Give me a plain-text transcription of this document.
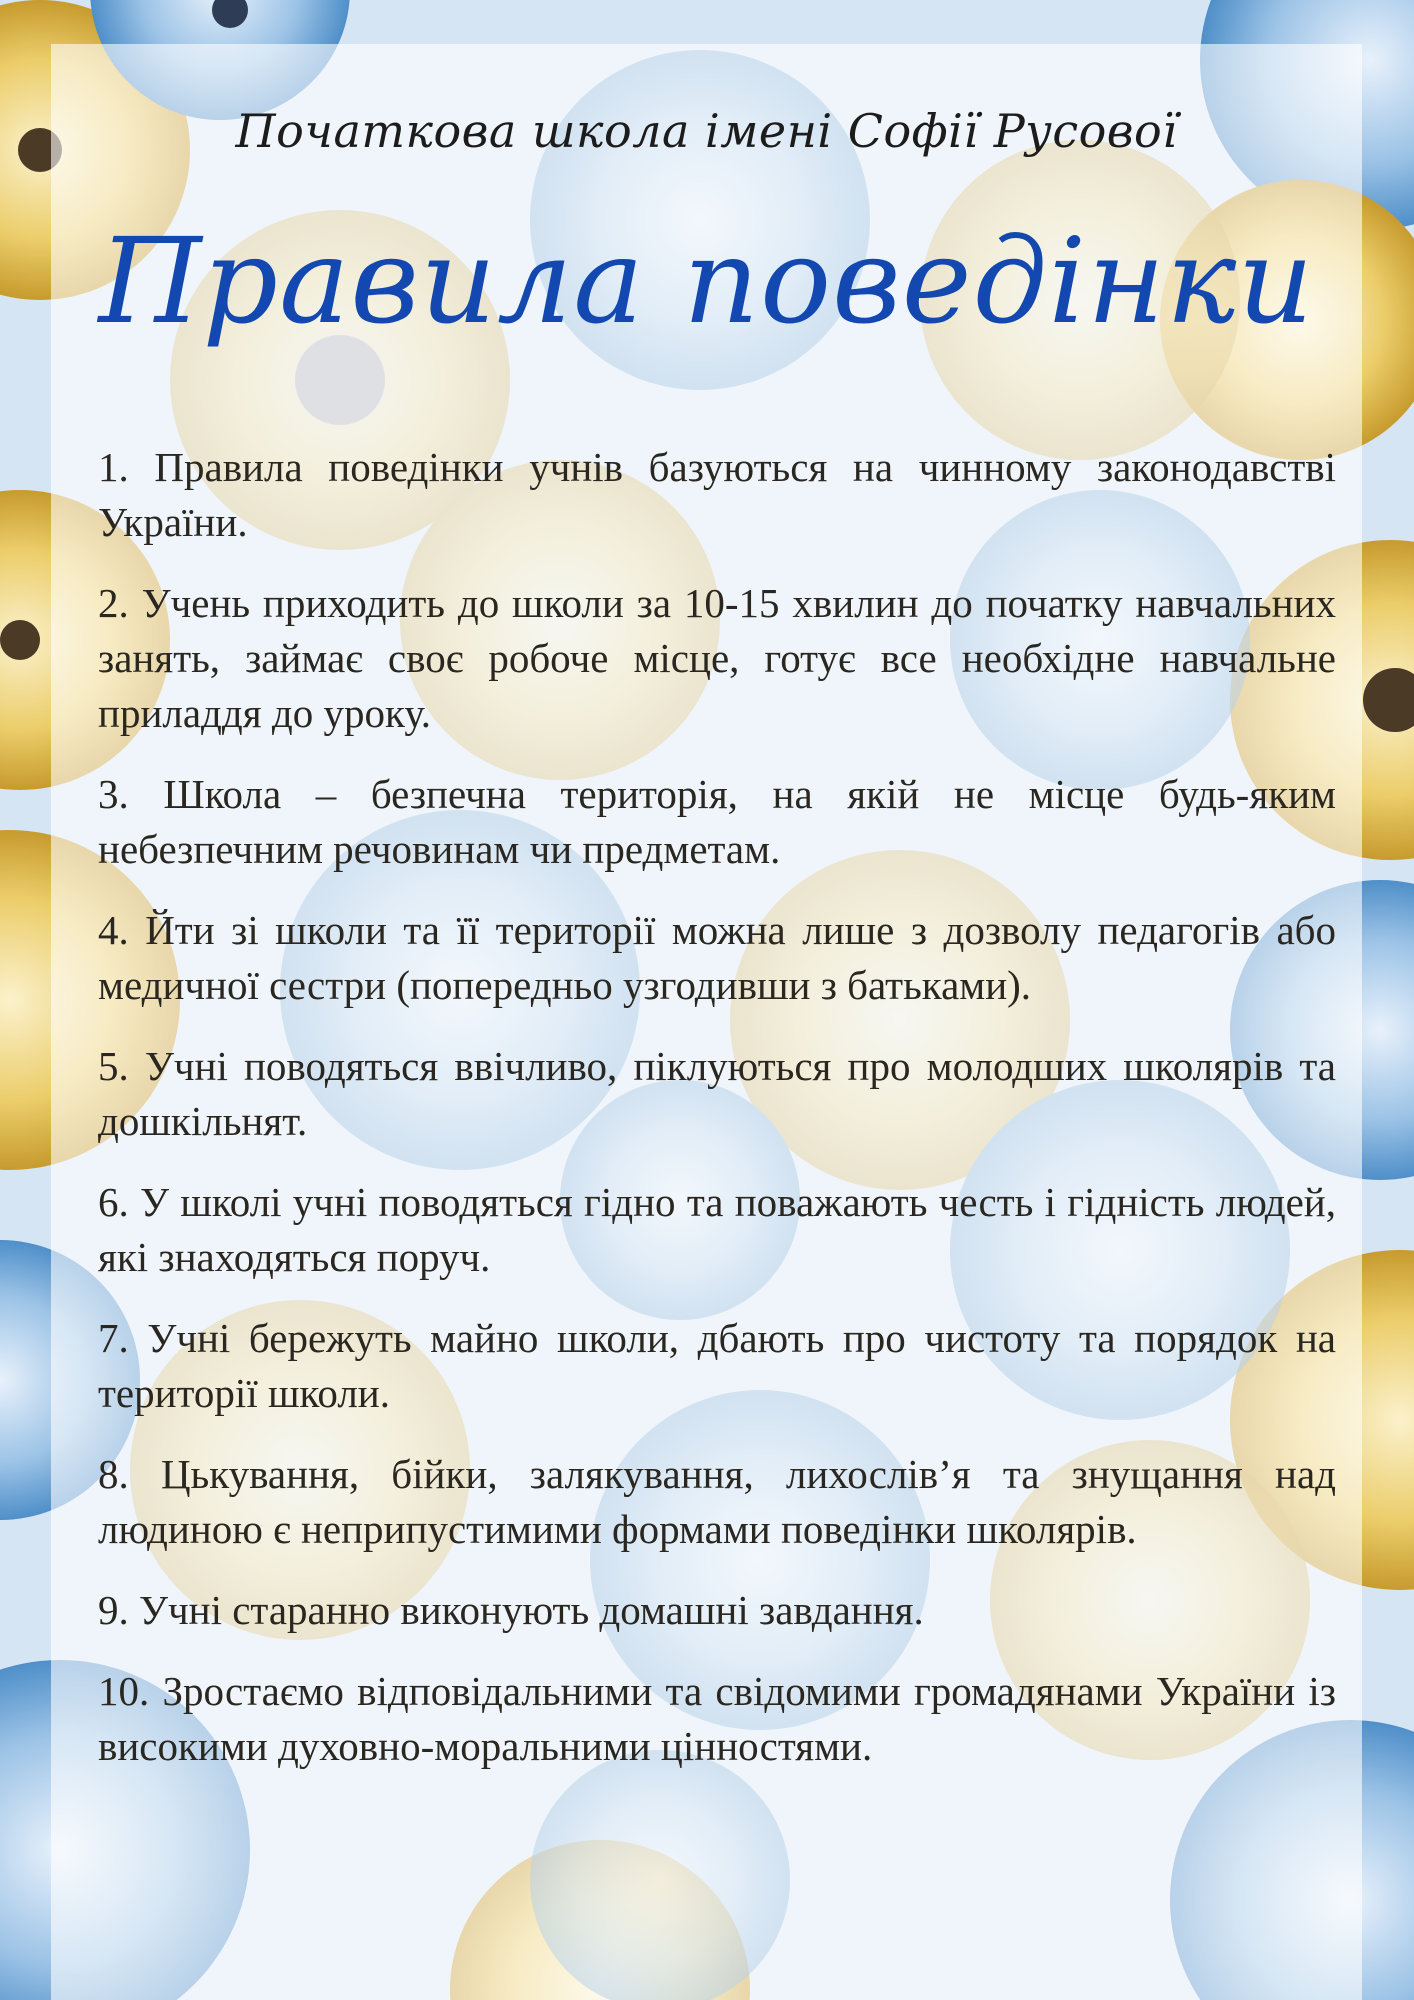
Початкова школа імені Софії Русової
Правила поведінки
1. Правила поведінки учнів базуються на чинному законодавстві України.
2. Учень приходить до школи за 10-15 хвилин до початку навчальних занять, займає своє робоче місце, готує все необхідне навчальне приладдя до уроку.
3. Школа – безпечна територія, на якій не місце будь-яким небезпечним речовинам чи предметам.
4. Йти зі школи та її території можна лише з дозволу педагогів або медичної сестри (попередньо узгодивши з батьками).
5. Учні поводяться ввічливо, піклуються про молодших школярів та дошкільнят.
6. У школі учні поводяться гідно та поважають честь і гідність людей, які знаходяться поруч.
7. Учні бережуть майно школи, дбають про чистоту та порядок на території школи.
8. Цькування, бійки, залякування, лихослів’я та знущання над людиною є неприпустимими формами поведінки школярів.
9. Учні старанно виконують домашні завдання.
10. Зростаємо відповідальними та свідомими громадянами України із високими духовно-моральними цінностями.
